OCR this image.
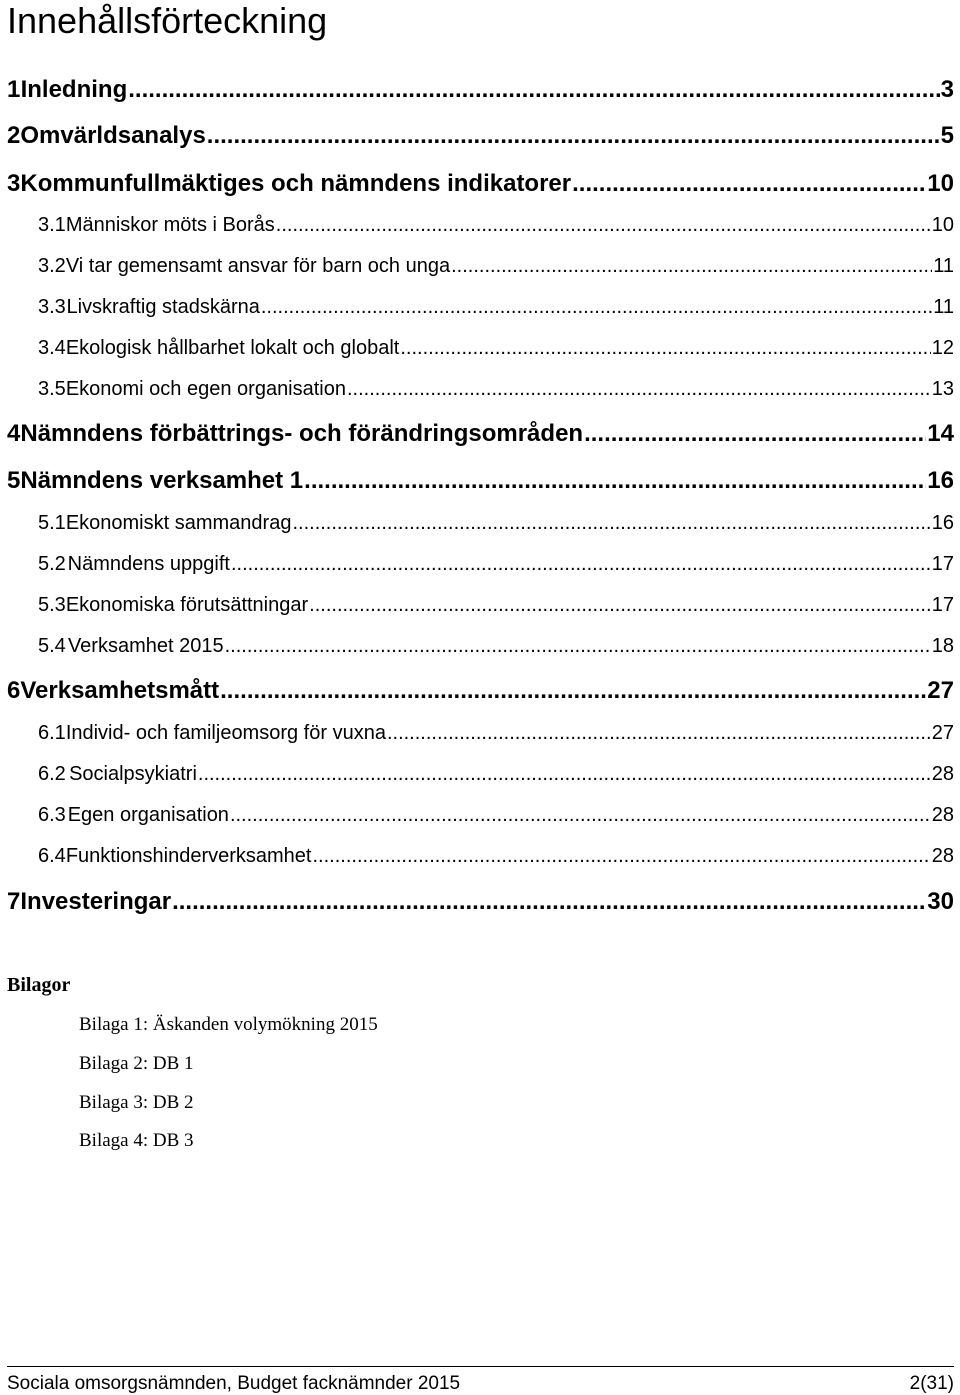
Innehållsförteckning
1 Inledning .....	3
2 Omvärldsanalys .....	5
3 Kommunfullmäktiges och nämndens indikatorer .....	10
3.1 Människor möts i Borås .....	10
3.2 Vi tar gemensamt ansvar för barn och unga .....	11
3.3 Livskraftig stadskärna .....	11
3.4 Ekologisk hållbarhet lokalt och globalt .....	12
3.5 Ekonomi och egen organisation .....	13
4 Nämndens förbättrings- och förändringsområden .....	14
5 Nämndens verksamhet 1 .....	16
5.1 Ekonomiskt sammandrag .....	16
5.2 Nämndens uppgift .....	17
5.3 Ekonomiska förutsättningar .....	17
5.4 Verksamhet 2015 .....	18
6 Verksamhetsmått .....	27
6.1 Individ- och familjeomsorg för vuxna .....	27
6.2 Socialpsykiatri .....	28
6.3 Egen organisation .....	28
6.4 Funktionshinderverksamhet .....	28
7 Investeringar .....	30
Bilagor
Bilaga 1: Äskanden volymökning 2015
Bilaga 2: DB 1
Bilaga 3: DB 2
Bilaga 4: DB 3
Sociala omsorgsnämnden, Budget facknämnder 2015	2(31)
